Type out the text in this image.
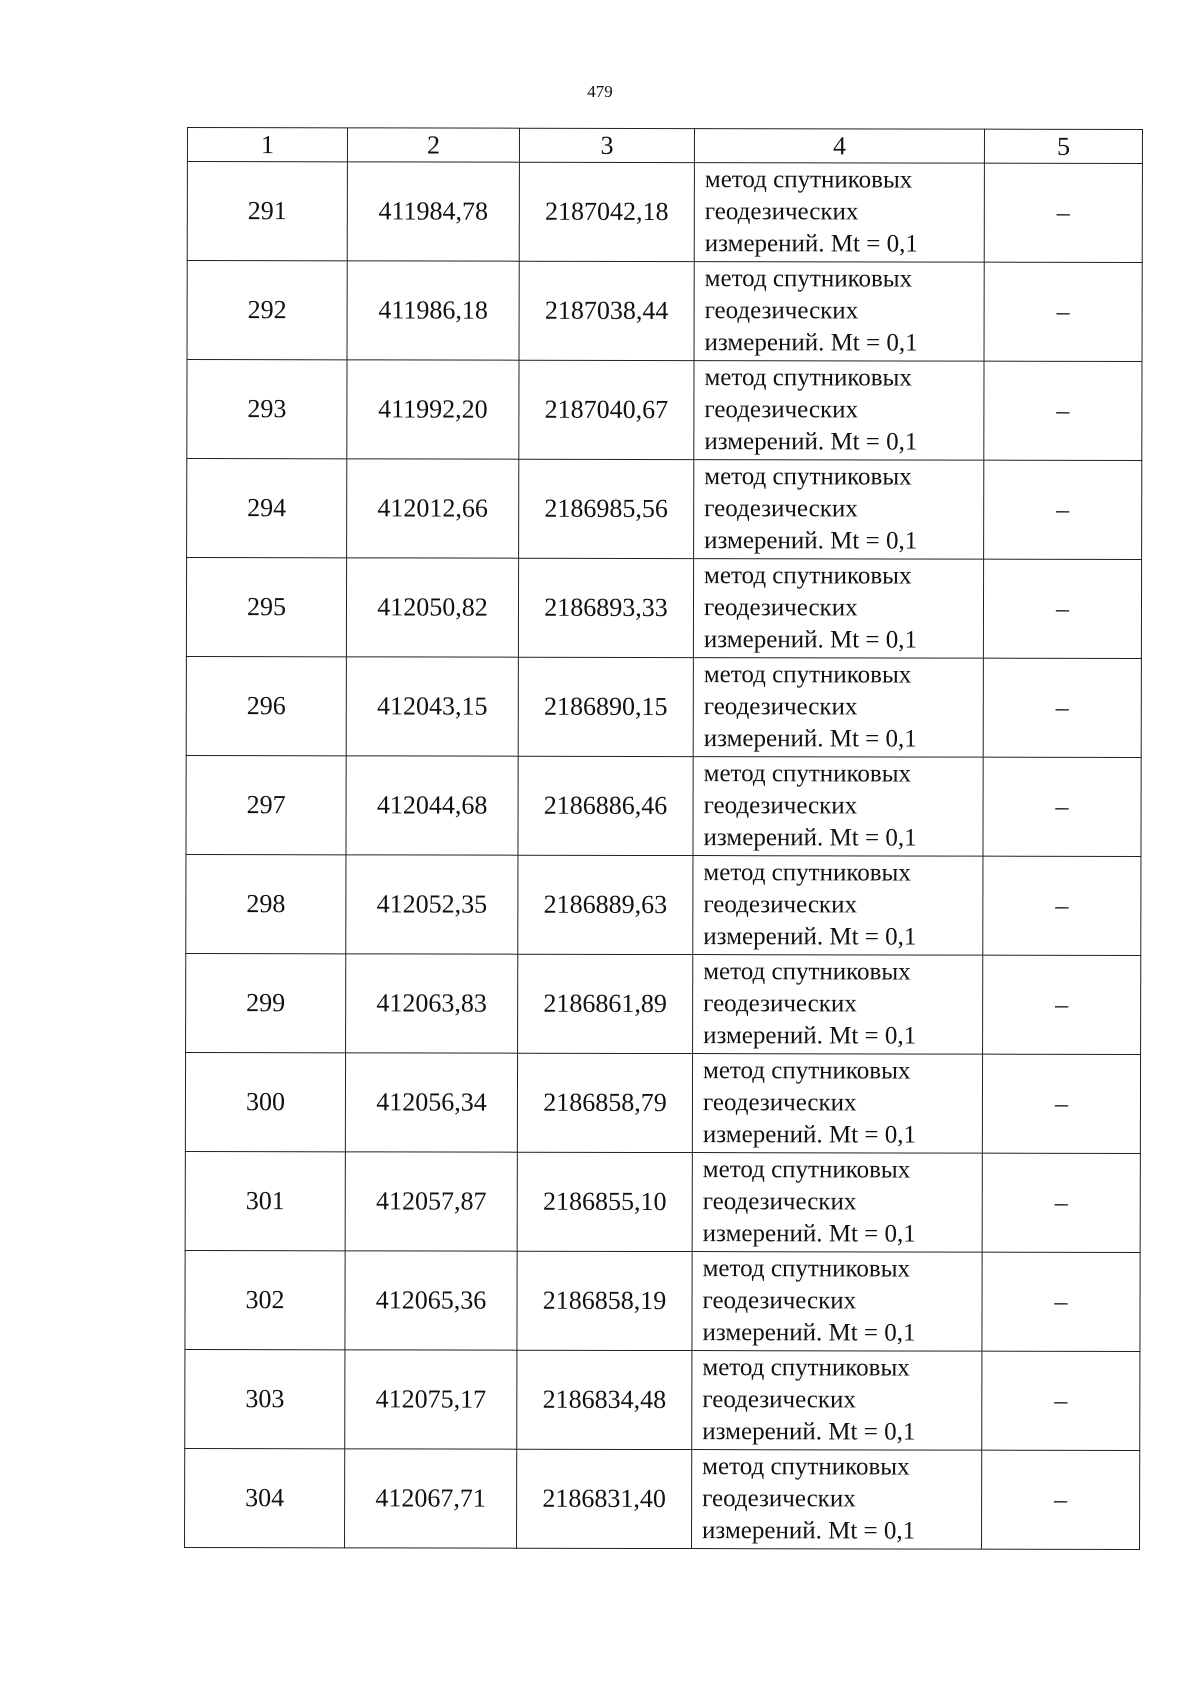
479
1	2	3	4	5
291	411984,78	2187042,18	метод спутниковых
геодезических
измерений. Mt = 0,1	–
292	411986,18	2187038,44	метод спутниковых
геодезических
измерений. Mt = 0,1	–
293	411992,20	2187040,67	метод спутниковых
геодезических
измерений. Mt = 0,1	–
294	412012,66	2186985,56	метод спутниковых
геодезических
измерений. Mt = 0,1	–
295	412050,82	2186893,33	метод спутниковых
геодезических
измерений. Mt = 0,1	–
296	412043,15	2186890,15	метод спутниковых
геодезических
измерений. Mt = 0,1	–
297	412044,68	2186886,46	метод спутниковых
геодезических
измерений. Mt = 0,1	–
298	412052,35	2186889,63	метод спутниковых
геодезических
измерений. Mt = 0,1	–
299	412063,83	2186861,89	метод спутниковых
геодезических
измерений. Mt = 0,1	–
300	412056,34	2186858,79	метод спутниковых
геодезических
измерений. Mt = 0,1	–
301	412057,87	2186855,10	метод спутниковых
геодезических
измерений. Mt = 0,1	–
302	412065,36	2186858,19	метод спутниковых
геодезических
измерений. Mt = 0,1	–
303	412075,17	2186834,48	метод спутниковых
геодезических
измерений. Mt = 0,1	–
304	412067,71	2186831,40	метод спутниковых
геодезических
измерений. Mt = 0,1	–
